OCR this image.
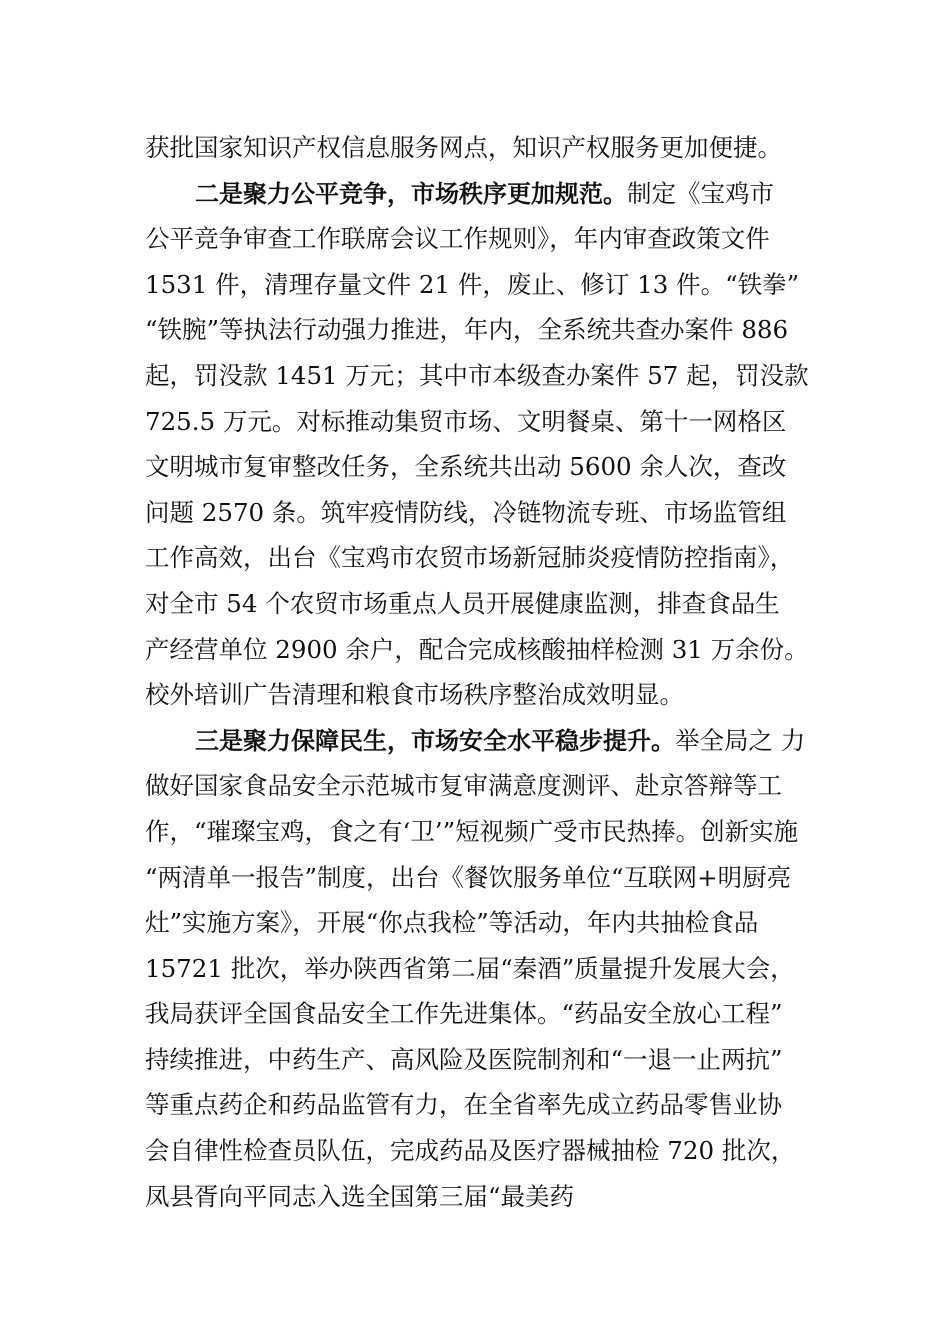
获批国家知识产权信息服务网点，知识产权服务更加便捷。
二是聚力公平竞争，市场秩序更加规范。制定《宝鸡市
公平竞争审查工作联席会议工作规则》，年内审查政策文件
1531 件，清理存量文件 21 件，废止、修订 13 件。“铁拳”
“铁腕”等执法行动强力推进，年内，全系统共查办案件 886
起，罚没款 1451 万元；其中市本级查办案件 57 起，罚没款
725.5 万元。对标推动集贸市场、文明餐桌、第十一网格区
文明城市复审整改任务，全系统共出动 5600 余人次，查改
问题 2570 条。筑牢疫情防线，冷链物流专班、市场监管组
工作高效，出台《宝鸡市农贸市场新冠肺炎疫情防控指南》，
对全市 54 个农贸市场重点人员开展健康监测，排查食品生
产经营单位 2900 余户，配合完成核酸抽样检测 31 万余份。
校外培训广告清理和粮食市场秩序整治成效明显。
三是聚力保障民生，市场安全水平稳步提升。举全局之 力
做好国家食品安全示范城市复审满意度测评、赴京答辩等工
作，“璀璨宝鸡，食之有‘卫’”短视频广受市民热捧。创新实施
“两清单一报告”制度，出台《餐饮服务单位“互联网+明厨亮
灶”实施方案》，开展“你点我检”等活动，年内共抽检食品
15721 批次，举办陕西省第二届“秦酒”质量提升发展大会，
我局获评全国食品安全工作先进集体。“药品安全放心工程”
持续推进，中药生产、高风险及医院制剂和“一退一止两抗”
等重点药企和药品监管有力，在全省率先成立药品零售业协
会自律性检查员队伍，完成药品及医疗器械抽检 720 批次，
凤县胥向平同志入选全国第三届“最美药
